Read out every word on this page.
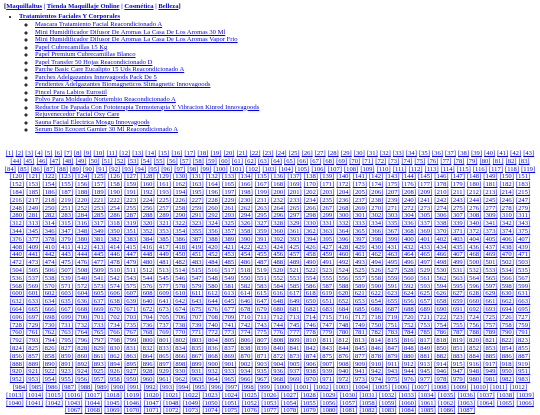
[Maquillaltus | Tienda Maquillaje Online | Cosmética | Belleza]
• Tratamientos Faciales Y Corporales
◦ Mascara Tratamiento Facial Reacondicionado A
◦ Mini Humidificador Difusor De Aromas La Casa De Los Aromas 30 Ml
◦ Mini Humidificador Difusor De Aromas La Casa De Los Aromas Vapor Frio
◦ Papel Cubrecamillas 15 Kg
◦ Papel Premium Cubrecamillas Blanco
◦ Papel Transfer 50 Hojas Reacondicionado D
◦ Parche Basic Care Eucalipto 15 Uds Reacondicionado A
◦ Parches Adelgazantes Innovagoods Pack De 5
◦ Pendientes Adelgazantes Biomagneticos Slimagnetic Innovagoods
◦ Pincel Para Labios Eurostil
◦ Polvo Para Moldeado Nortembio Reacondicionado A
◦ Reductor De Papada Con Fototerapia Termoterapia Y Vibracion Kinred Innovagoods
◦ Rejuvenecedor Facial Oxy Care
◦ Sauna Facial Electrica Mosgu Innovagoods
◦ Serum Bio Ecocert Garnier 30 Ml Reacondicionado A
[1] [2] [3] [4] [5] [6] [7] [8] [9] [10] [11] [12] [13] [14] [15] [16] [17] [18] [19] [20] [21] [22] [23] [24] [25] [26] [27] [28] [29] [30] [31] [32] [33] [34] [35] [36] [37] [38] [39] [40] [41] [42] [43] [44] [45] [46] [47] [48] [49] [50] [51] [52] [53] [54] [55] [56] [57] [58] [59] [60] [61] [62] [63] [64] [65] [66] [67] [68] [69] [70] [71] [72] [73] [74] [75] [76] [77] [78] [79] [80] [81] [82] [83] [84] [85] [86] [87] [88] [89] [90] [91] [92] [93] [94] [95] [96] [97] [98] [99] [100] [101] [102] [103] [104] [105] [106] [107] [108] [109] [110] [111] [112] [113] [114] [115] [116] [117] [118] [119] [120] [121] [122] [123] [124] [125] [126] [127] [128] [129] [130] [131] [132] [133] [134] [135] [136] [137] [138] [139] [140] [141] [142] [143] [144] [145] [146] [147] [148] [149] [150] [151] [152] [153] [154] [155] [156] [157] [158] [159] [160] [161] [162] [163] [164] [165] [166] [167] [168] [169] [170] [171] [172] [173] [174] [175] [176] [177] [178] [179] [180] [181] [182] [183] [184] [185] [186] [187] [188] [189] [190] [191] [192] [193] [194] [195] [196] [197] [198] [199] [200] [201] [202] [203] [204] [205] [206] [207] [208] [209] [210] [211] [212] [213] [214] [215] [216] [217] [218] [219] [220] [221] [222] [223] [224] [225] [226] [227] [228] [229] [230] [231] [232] [233] [234] [235] [236] [237] [238] [239] [240] [241] [242] [243] [244] [245] [246] [247] [248] [249] [250] [251] [252] [253] [254] [255] [256] [257] [258] [259] [260] [261] [262] [263] [264] [265] [266] [267] [268] [269] [270] [271] [272] [273] [274] [275] [276] [277] [278] [279] [280] [281] [282] [283] [284] [285] [286] [287] [288] [289] [290] [291] [292] [293] [294] [295] [296] [297] [298] [299] [300] [301] [302] [303] [304] [305] [306] [307] [308] [309] [310] [311] [312] [313] [314] [315] [316] [317] [318] [319] [320] [321] [322] [323] [324] [325] [326] [327] [328] [329] [330] [331] [332] [333] [334] [335] [336] [337] [338] [339] [340] [341] [342] [343] [344] [345] [346] [347] [348] [349] [350] [351] [352] [353] [354] [355] [356] [357] [358] [359] [360] [361] [362] [363] [364] [365] [366] [367] [368] [369] [370] [371] [372] [373] [374] [375] [376] [377] [378] [379] [380] [381] [382] [383] [384] [385] [386] [387] [388] [389] [390] [391] [392] [393] [394] [395] [396] [397] [398] [399] [400] [401] [402] [403] [404] [405] [406] [407] [408] [409] [410] [411] [412] [413] [414] [415] [416] [417] [418] [419] [420] [421] [422] [423] [424] [425] [426] [427] [428] [429] [430] [431] [432] [433] [434] [435] [436] [437] [438] [439] [440] [441] [442] [443] [444] [445] [446] [447] [448] [449] [450] [451] [452] [453] [454] [455] [456] [457] [458] [459] [460] [461] [462] [463] [464] [465] [466] [467] [468] [469] [470] [471] [472] [473] [474] [475] [476] [477] [478] [479] [480] [481] [482] [483] [484] [485] [486] [487] [488] [489] [490] [491] [492] [493] [494] [495] [496] [497] [498] [499] [500] [501] [502] [503] [504] [505] [506] [507] [508] [509] [510] [511] [512] [513] [514] [515] [516] [517] [518] [519] [520] [521] [522] [523] [524] [525] [526] [527] [528] [529] [530] [531] [532] [533] [534] [535] [536] [537] [538] [539] [540] [541] [542] [543] [544] [545] [546] [547] [548] [549] [550] [551] [552] [553] [554] [555] [556] [557] [558] [559] [560] [561] [562] [563] [564] [565] [566] [567] [568] [569] [570] [571] [572] [573] [574] [575] [576] [577] [578] [579] [580] [581] [582] [583] [584] [585] [586] [587] [588] [589] [590] [591] [592] [593] [594] [595] [596] [597] [598] [599] [600] [601] [602] [603] [604] [605] [606] [607] [608] [609] [610] [611] [612] [613] [614] [615] [616] [617] [618] [619] [620] [621] [622] [623] [624] [625] [626] [627] [628] [629] [630] [631] [632] [633] [634] [635] [636] [637] [638] [639] [640] [641] [642] [643] [644] [645] [646] [647] [648] [649] [650] [651] [652] [653] [654] [655] [656] [657] [658] [659] [660] [661] [662] [663] [664] [665] [666] [667] [668] [669] [670] [671] [672] [673] [674] [675] [676] [677] [678] [679] [680] [681] [682] [683] [684] [685] [686] [687] [688] [689] [690] [691] [692] [693] [694] [695] [696] [697] [698] [699] [700] [701] [702] [703] [704] [705] [706] [707] [708] [709] [710] [711] [712] [713] [714] [715] [716] [717] [718] [719] [720] [721] [722] [723] [724] [725] [726] [727] [728] [729] [730] [731] [732] [733] [734] [735] [736] [737] [738] [739] [740] [741] [742] [743] [744] [745] [746] [747] [748] [749] [750] [751] [752] [753] [754] [755] [756] [757] [758] [759] [760] [761] [762] [763] [764] [765] [766] [767] [768] [769] [770] [771] [772] [773] [774] [775] [776] [777] [778] [779] [780] [781] [782] [783] [784] [785] [786] [787] [788] [789] [790] [791] [792] [793] [794] [795] [796] [797] [798] [799] [800] [801] [802] [803] [804] [805] [806] [807] [808] [809] [810] [811] [812] [813] [814] [815] [816] [817] [818] [819] [820] [821] [822] [823] [824] [825] [826] [827] [828] [829] [830] [831] [832] [833] [834] [835] [836] [837] [838] [839] [840] [841] [842] [843] [844] [845] [846] [847] [848] [849] [850] [851] [852] [853] [854] [855] [856] [857] [858] [859] [860] [861] [862] [863] [864] [865] [866] [867] [868] [869] [870] [871] [872] [873] [874] [875] [876] [877] [878] [879] [880] [881] [882] [883] [884] [885] [886] [887] [888] [889] [890] [891] [892] [893] [894] [895] [896] [897] [898] [899] [900] [901] [902] [903] [904] [905] [906] [907] [908] [909] [910] [911] [912] [913] [914] [915] [916] [917] [918] [919] [920] [921] [922] [923] [924] [925] [926] [927] [928] [929] [930] [931] [932] [933] [934] [935] [936] [937] [938] [939] [940] [941] [942] [943] [944] [945] [946] [947] [948] [949] [950] [951] [952] [953] [954] [955] [956] [957] [958] [959] [960] [961] [962] [963] [964] [965] [966] [967] [968] [969] [970] [971] [972] [973] [974] [975] [976] [977] [978] [979] [980] [981] [982] [983] [984] [985] [986] [987] [988] [989] [990] [991] [992] [993] [994] [995] [996] [997] [998] [999] [1000] [1001] [1002] [1003] [1004] [1005] [1006] [1007] [1008] [1009] [1010] [1011] [1012] [1013] [1014] [1015] [1016] [1017] [1018] [1019] [1020] [1021] [1022] [1023] [1024] [1025] [1026] [1027] [1028] [1029] [1030] [1031] [1032] [1033] [1034] [1035] [1036] [1037] [1038] [1039] [1040] [1041] [1042] [1043] [1044] [1045] [1046] [1047] [1048] [1049] [1050] [1051] [1052] [1053] [1054] [1055] [1056] [1057] [1058] [1059] [1060] [1061] [1062] [1063] [1064] [1065] [1066] [1067] [1068] [1069] [1070] [1071] [1072] [1073] [1074] [1075] [1076] [1077] [1078] [1079] [1080] [1081] [1082] [1083] [1084] [1085] [1086] [1087]
